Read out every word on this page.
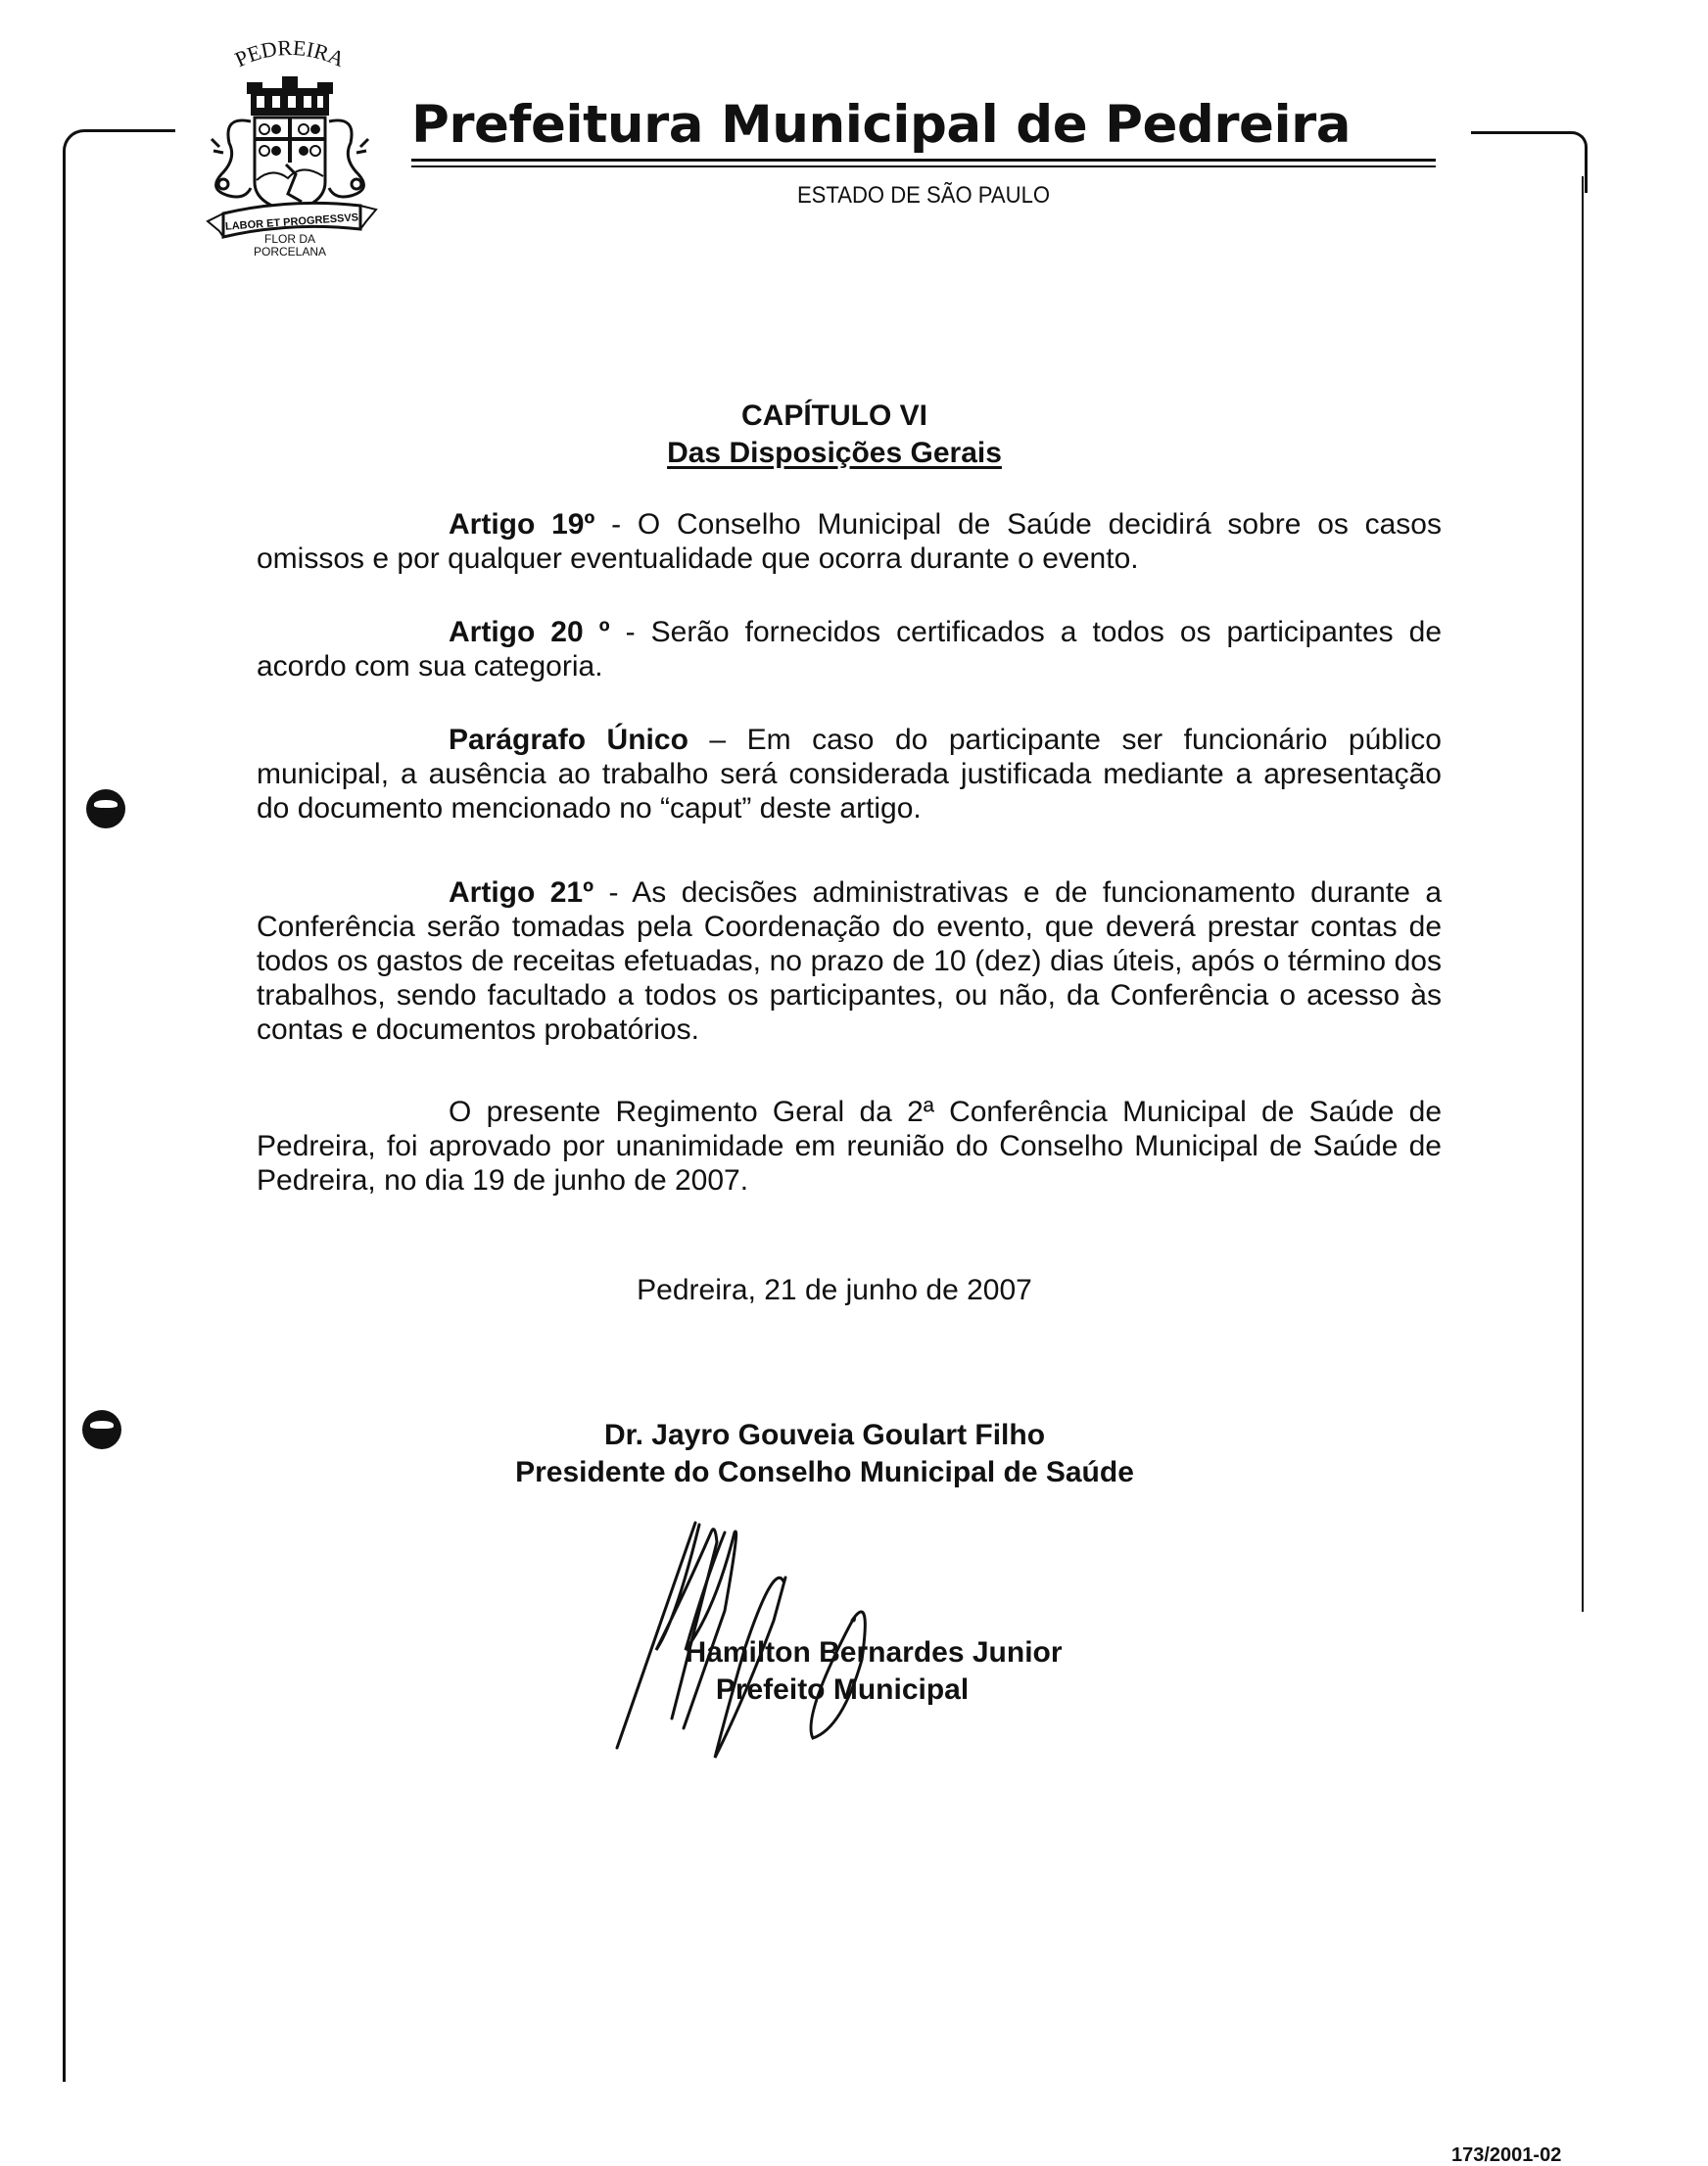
PEDREIRA
LABOR ET PROGRESSVS
FLOR DA
PORCELANA
Prefeitura Municipal de Pedreira
ESTADO DE SÃO PAULO
CAPÍTULO VI
Das Disposições Gerais

Artigo 19º - O Conselho Municipal de Saúde decidirá sobre os casos omissos e por qualquer eventualidade que ocorra durante o evento.

Artigo 20 º - Serão fornecidos certificados a todos os participantes de acordo com sua categoria.

Parágrafo Único – Em caso do participante ser funcionário público municipal, a ausência ao trabalho será considerada justificada mediante a apresentação do documento mencionado no “caput” deste artigo.

Artigo 21º - As decisões administrativas e de funcionamento durante a Conferência serão tomadas pela Coordenação do evento, que deverá prestar contas de todos os gastos de receitas efetuadas, no prazo de 10 (dez) dias úteis, após o término dos trabalhos, sendo facultado a todos os participantes, ou não, da Conferência o acesso às contas e documentos probatórios.

O presente Regimento Geral da 2ª Conferência Municipal de Saúde de Pedreira, foi aprovado por unanimidade em reunião do Conselho Municipal de Saúde de Pedreira, no dia 19 de junho de 2007.

Pedreira, 21 de junho de 2007
Dr. Jayro Gouveia Goulart Filho
Presidente do Conselho Municipal de Saúde
Hamilton Bernardes Junior
Prefeito Municipal
173/2001-02
